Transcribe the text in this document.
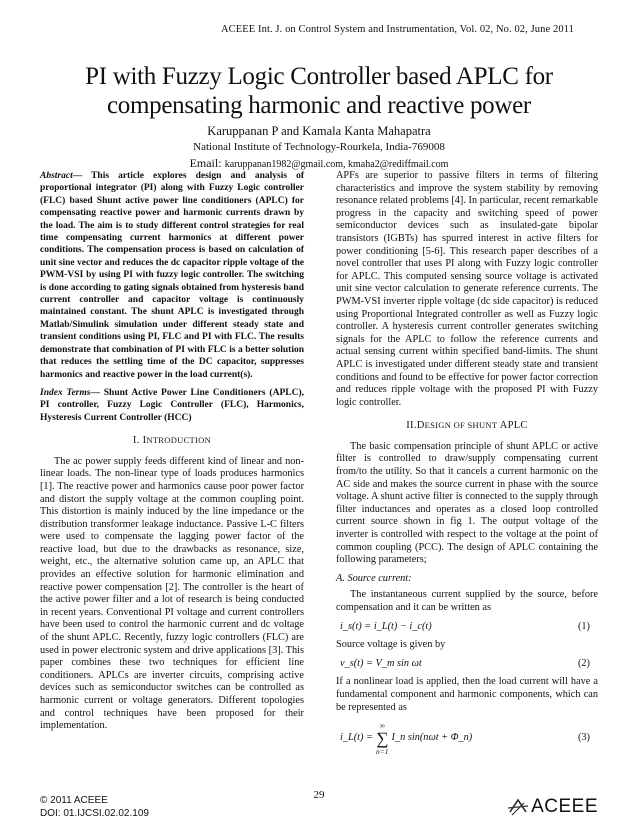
ACEEE Int. J. on Control System and Instrumentation, Vol. 02, No. 02, June 2011
PI with Fuzzy Logic Controller based APLC for
compensating harmonic and reactive power
Karuppanan P and Kamala Kanta Mahapatra
National Institute of Technology-Rourkela, India-769008
Email: karuppanan1982@gmail.com, kmaha2@rediffmail.com

Abstract— This article explores design and analysis of proportional integrator (PI) along with Fuzzy Logic controller (FLC) based Shunt active power line conditioners (APLC) for compensating reactive power and harmonic currents drawn by the load. The aim is to study different control strategies for real time compensating current harmonics at different power conditions. The compensation process is based on calculation of unit sine vector and reduces the dc capacitor ripple voltage of the PWM-VSI by using PI with fuzzy logic controller. The switching is done according to gating signals obtained from hysteresis band current controller and capacitor voltage is continuously maintained constant. The shunt APLC is investigated through Matlab/Simulink simulation under different steady state and transient conditions using PI, FLC and PI with FLC. The results demonstrate that combination of PI with FLC is a better solution that reduces the settling time of the DC capacitor, suppresses harmonics and reactive power in the load current(s).

Index Terms— Shunt Active Power Line Conditioners (APLC), PI controller, Fuzzy Logic Controller (FLC), Harmonics, Hysteresis Current Controller (HCC)

I. INTRODUCTION

The ac power supply feeds different kind of linear and non-linear loads. The non-linear type of loads produces harmonics [1]. The reactive power and harmonics cause poor power factor and distort the supply voltage at the common coupling point. This distortion is mainly induced by the line impedance or the distribution transformer leakage inductance. Passive L-C filters were used to compensate the lagging power factor of the reactive load, but due to the drawbacks as resonance, size, weight, etc., the alternative solution came up, an APLC that provides an effective solution for harmonic elimination and reactive power compensation [2]. The controller is the heart of the active power filter and a lot of research is being conducted in recent years. Conventional PI voltage and current controllers have been used to control the harmonic current and dc voltage of the shunt APLC. Recently, fuzzy logic controllers (FLC) are used in power electronic system and drive applications [3]. This paper combines these two techniques for efficient line conditioners. APLCs are inverter circuits, comprising active devices such as semiconductor switches can be controlled as harmonic current or voltage generators. Different topologies and control techniques have been proposed for their implementation.

APFs are superior to passive filters in terms of filtering characteristics and improve the system stability by removing resonance related problems [4]. In particular, recent remarkable progress in the capacity and switching speed of power semiconductor devices such as insulated-gate bipolar transistors (IGBTs) has spurred interest in active filters for power conditioning [5-6]. This research paper describes of a novel controller that uses PI along with Fuzzy logic controller for APLC. This computed sensing source voltage is activated unit sine vector calculation to generate reference currents. The PWM-VSI inverter ripple voltage (dc side capacitor) is reduced using Proportional Integrated controller as well as Fuzzy logic controller. A hysteresis current controller generates switching signals for the APLC to follow the reference currents and actual sensing current within specified band-limits. The shunt APLC is investigated under different steady state and transient conditions and found to be effective for power factor correction and reduces ripple voltage with the proposed PI with Fuzzy logic controller.

II.DESIGN OF SHUNT APLC

The basic compensation principle of shunt APLC or active filter is controlled to draw/supply compensating current from/to the utility. So that it cancels a current harmonic on the AC side and makes the source current in phase with the source voltage. A shunt active filter is connected to the supply through filter inductances and operates as a closed loop controlled current source shown in fig 1. The output voltage of the inverter is controlled with respect to the voltage at the point of common coupling (PCC). The design of APLC containing the following parameters;

A. Source current:

The instantaneous current supplied by the source, before compensation and it can be written as

i_s(t) = i_L(t) − i_c(t)	(1)

Source voltage is given by

v_s(t) = V_m sin ωt	(2)

If a nonlinear load is applied, then the load current will have a fundamental component and harmonic components, which can be represented as

i_L(t) =
∞
∑
n=1
I_n sin(nωt + Φ_n)	(3)
© 2011 ACEEE
DOI: 01.IJCSI.02.02.109
29
ACEEE
